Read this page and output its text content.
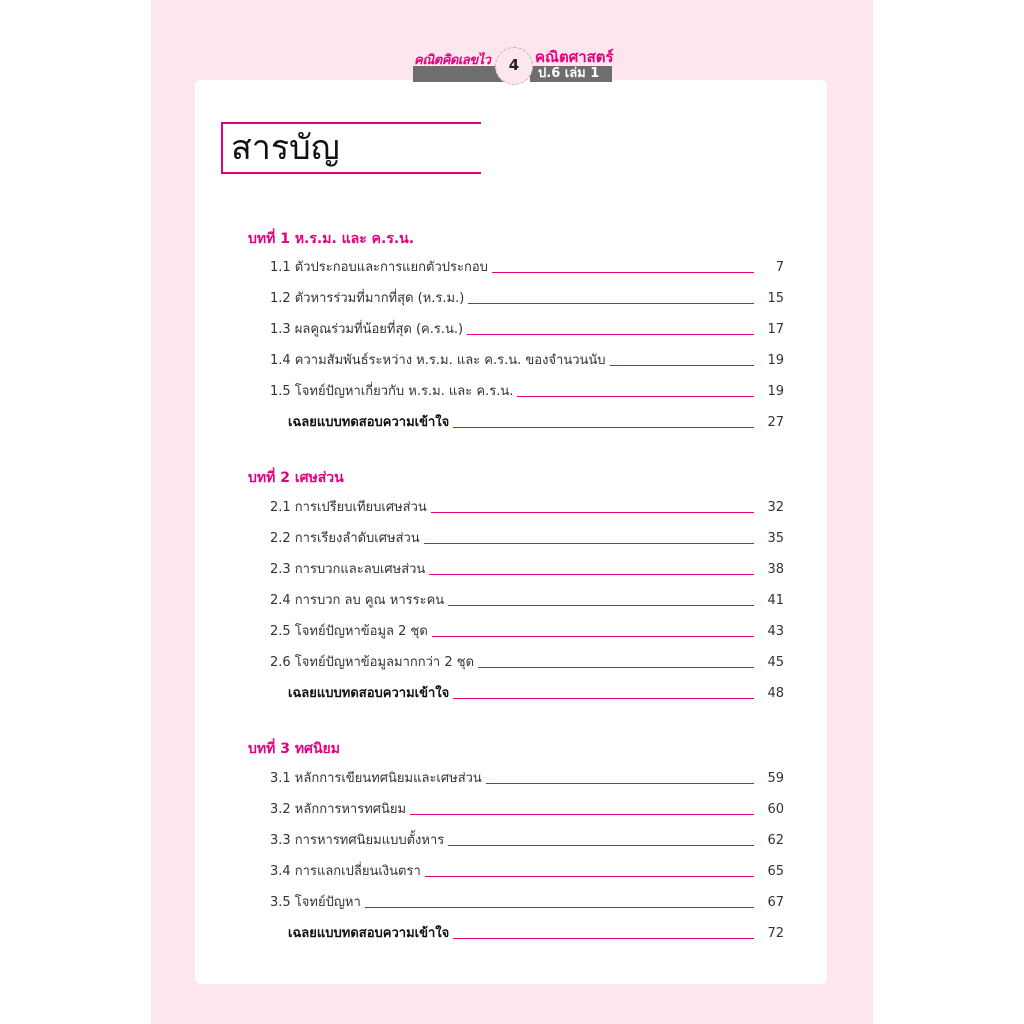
คณิตคิดเลขไว	4	คณิตศาสตร์
ป.6 เล่ม 1
สารบัญ
บทที่ 1 ห.ร.ม. และ ค.ร.น.
1.1 ตัวประกอบและการแยกตัวประกอบ	7
1.2 ตัวหารร่วมที่มากที่สุด (ห.ร.ม.)	15
1.3 ผลคูณร่วมที่น้อยที่สุด (ค.ร.น.)	17
1.4 ความสัมพันธ์ระหว่าง ห.ร.ม. และ ค.ร.น. ของจำนวนนับ	19
1.5 โจทย์ปัญหาเกี่ยวกับ ห.ร.ม. และ ค.ร.น.	19
เฉลยแบบทดสอบความเข้าใจ	27
บทที่ 2 เศษส่วน
2.1 การเปรียบเทียบเศษส่วน	32
2.2 การเรียงลำดับเศษส่วน	35
2.3 การบวกและลบเศษส่วน	38
2.4 การบวก ลบ คูณ หารระคน	41
2.5 โจทย์ปัญหาข้อมูล 2 ชุด	43
2.6 โจทย์ปัญหาข้อมูลมากกว่า 2 ชุด	45
เฉลยแบบทดสอบความเข้าใจ	48
บทที่ 3 ทศนิยม
3.1 หลักการเขียนทศนิยมและเศษส่วน	59
3.2 หลักการหารทศนิยม	60
3.3 การหารทศนิยมแบบตั้งหาร	62
3.4 การแลกเปลี่ยนเงินตรา	65
3.5 โจทย์ปัญหา	67
เฉลยแบบทดสอบความเข้าใจ	72
